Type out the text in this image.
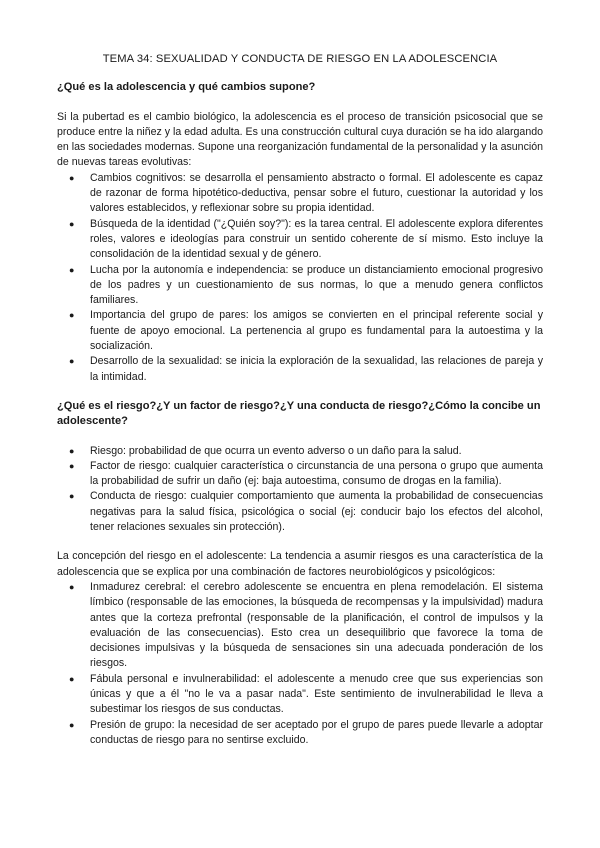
TEMA 34: SEXUALIDAD Y CONDUCTA DE RIESGO EN LA ADOLESCENCIA
¿Qué es la adolescencia y qué cambios supone?

Si la pubertad es el cambio biológico, la adolescencia es el proceso de transición psicosocial que se produce entre la niñez y la edad adulta. Es una construcción cultural cuya duración se ha ido alargando en las sociedades modernas. Supone una reorganización fundamental de la personalidad y la asunción de nuevas tareas evolutivas:

● Cambios cognitivos: se desarrolla el pensamiento abstracto o formal. El adolescente es capaz de razonar de forma hipotético-deductiva, pensar sobre el futuro, cuestionar la autoridad y los valores establecidos, y reflexionar sobre su propia identidad.
● Búsqueda de la identidad ("¿Quién soy?"): es la tarea central. El adolescente explora diferentes roles, valores e ideologías para construir un sentido coherente de sí mismo. Esto incluye la consolidación de la identidad sexual y de género.
● Lucha por la autonomía e independencia: se produce un distanciamiento emocional progresivo de los padres y un cuestionamiento de sus normas, lo que a menudo genera conflictos familiares.
● Importancia del grupo de pares: los amigos se convierten en el principal referente social y fuente de apoyo emocional. La pertenencia al grupo es fundamental para la autoestima y la socialización.
● Desarrollo de la sexualidad: se inicia la exploración de la sexualidad, las relaciones de pareja y la intimidad.
¿Qué es el riesgo?¿Y un factor de riesgo?¿Y una conducta de riesgo?¿Cómo la concibe un adolescente?
● Riesgo: probabilidad de que ocurra un evento adverso o un daño para la salud.
● Factor de riesgo: cualquier característica o circunstancia de una persona o grupo que aumenta la probabilidad de sufrir un daño (ej: baja autoestima, consumo de drogas en la familia).
● Conducta de riesgo: cualquier comportamiento que aumenta la probabilidad de consecuencias negativas para la salud física, psicológica o social (ej: conducir bajo los efectos del alcohol, tener relaciones sexuales sin protección).

La concepción del riesgo en el adolescente: La tendencia a asumir riesgos es una característica de la adolescencia que se explica por una combinación de factores neurobiológicos y psicológicos:

● Inmadurez cerebral: el cerebro adolescente se encuentra en plena remodelación. El sistema límbico (responsable de las emociones, la búsqueda de recompensas y la impulsividad) madura antes que la corteza prefrontal (responsable de la planificación, el control de impulsos y la evaluación de las consecuencias). Esto crea un desequilibrio que favorece la toma de decisiones impulsivas y la búsqueda de sensaciones sin una adecuada ponderación de los riesgos.
● Fábula personal e invulnerabilidad: el adolescente a menudo cree que sus experiencias son únicas y que a él "no le va a pasar nada". Este sentimiento de invulnerabilidad le lleva a subestimar los riesgos de sus conductas.
● Presión de grupo: la necesidad de ser aceptado por el grupo de pares puede llevarle a adoptar conductas de riesgo para no sentirse excluido.
